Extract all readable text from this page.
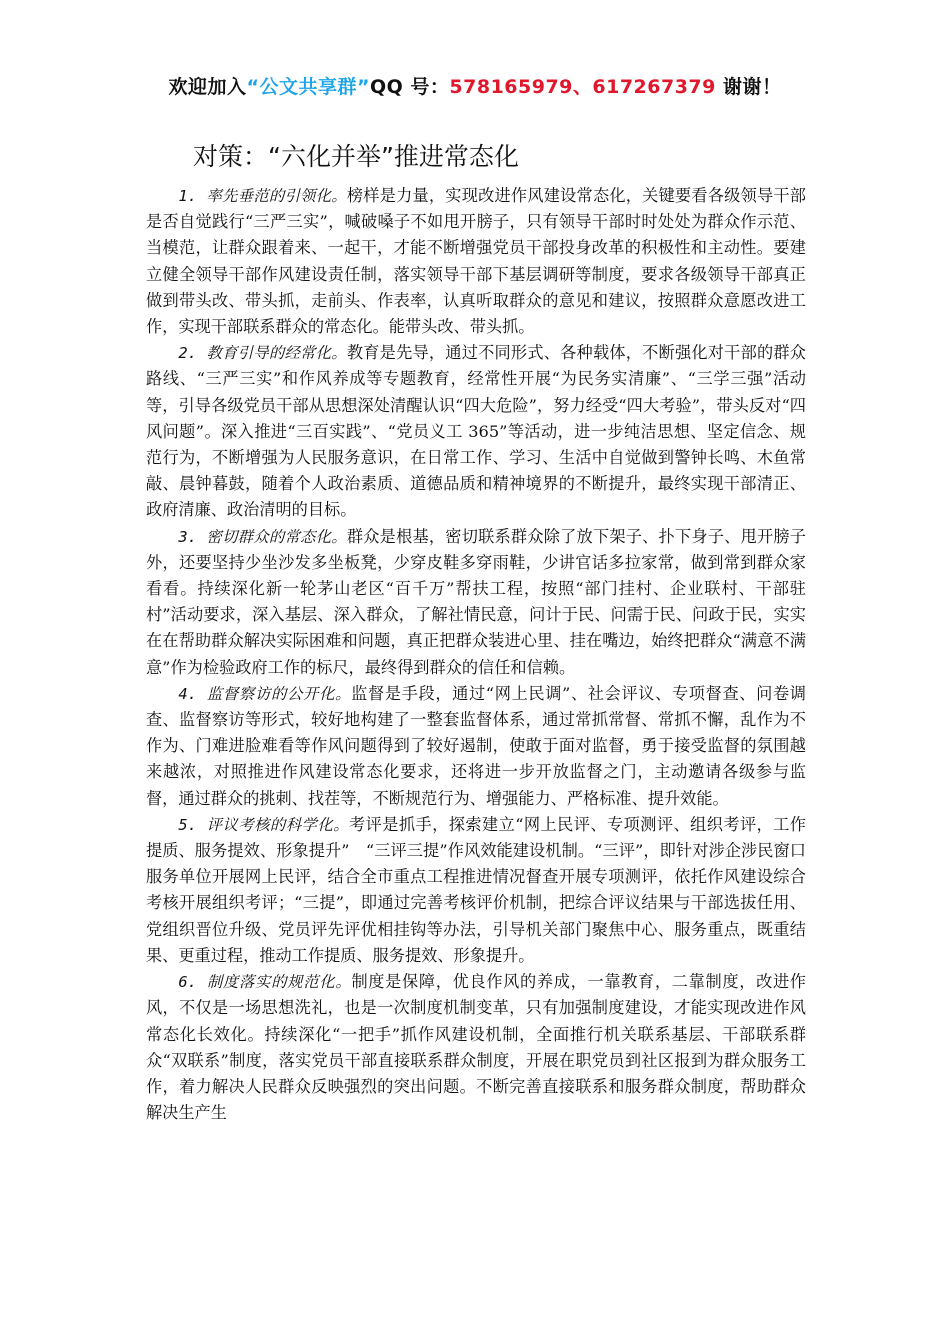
欢迎加入“公文共享群”QQ 号：578165979、617267379 谢谢！
对策：“六化并举”推进常态化

1. 率先垂范的引领化。榜样是力量，实现改进作风建设常态化，关键要看各级领导干部是否自觉践行“三严三实”，喊破嗓子不如甩开膀子，只有领导干部时时处处为群众作示范、当模范，让群众跟着来、一起干，才能不断增强党员干部投身改革的积极性和主动性。要建立健全领导干部作风建设责任制，落实领导干部下基层调研等制度，要求各级领导干部真正做到带头改、带头抓，走前头、作表率，认真听取群众的意见和建议，按照群众意愿改进工作，实现干部联系群众的常态化。能带头改、带头抓。

2. 教育引导的经常化。教育是先导，通过不同形式、各种载体，不断强化对干部的群众路线、“三严三实”和作风养成等专题教育，经常性开展“为民务实清廉”、“三学三强”活动等，引导各级党员干部从思想深处清醒认识“四大危险”，努力经受“四大考验”，带头反对“四风问题”。深入推进“三百实践”、“党员义工 365”等活动，进一步纯洁思想、坚定信念、规范行为，不断增强为人民服务意识，在日常工作、学习、生活中自觉做到警钟长鸣、木鱼常敲、晨钟暮鼓，随着个人政治素质、道德品质和精神境界的不断提升，最终实现干部清正、政府清廉、政治清明的目标。

3. 密切群众的常态化。群众是根基，密切联系群众除了放下架子、扑下身子、甩开膀子外，还要坚持少坐沙发多坐板凳，少穿皮鞋多穿雨鞋，少讲官话多拉家常，做到常到群众家看看。持续深化新一轮茅山老区“百千万”帮扶工程，按照“部门挂村、企业联村、干部驻村”活动要求，深入基层、深入群众，了解社情民意，问计于民、问需于民、问政于民，实实在在帮助群众解决实际困难和问题，真正把群众装进心里、挂在嘴边，始终把群众“满意不满意”作为检验政府工作的标尺，最终得到群众的信任和信赖。

4. 监督察访的公开化。监督是手段，通过“网上民调”、社会评议、专项督查、问卷调查、监督察访等形式，较好地构建了一整套监督体系，通过常抓常督、常抓不懈，乱作为不作为、门难进脸难看等作风问题得到了较好遏制，使敢于面对监督，勇于接受监督的氛围越来越浓，对照推进作风建设常态化要求，还将进一步开放监督之门，主动邀请各级参与监督，通过群众的挑刺、找茬等，不断规范行为、增强能力、严格标准、提升效能。

5. 评议考核的科学化。考评是抓手，探索建立“网上民评、专项测评、组织考评，工作提质、服务提效、形象提升”　“三评三提”作风效能建设机制。“三评”，即针对涉企涉民窗口服务单位开展网上民评，结合全市重点工程推进情况督查开展专项测评，依托作风建设综合考核开展组织考评；“三提”，即通过完善考核评价机制，把综合评议结果与干部选拔任用、党组织晋位升级、党员评先评优相挂钩等办法，引导机关部门聚焦中心、服务重点，既重结果、更重过程，推动工作提质、服务提效、形象提升。

6. 制度落实的规范化。制度是保障，优良作风的养成，一靠教育，二靠制度，改进作风，不仅是一场思想洗礼，也是一次制度机制变革，只有加强制度建设，才能实现改进作风常态化长效化。持续深化“一把手”抓作风建设机制，全面推行机关联系基层、干部联系群众“双联系”制度，落实党员干部直接联系群众制度，开展在职党员到社区报到为群众服务工作，着力解决人民群众反映强烈的突出问题。不断完善直接联系和服务群众制度，帮助群众解决生产生
